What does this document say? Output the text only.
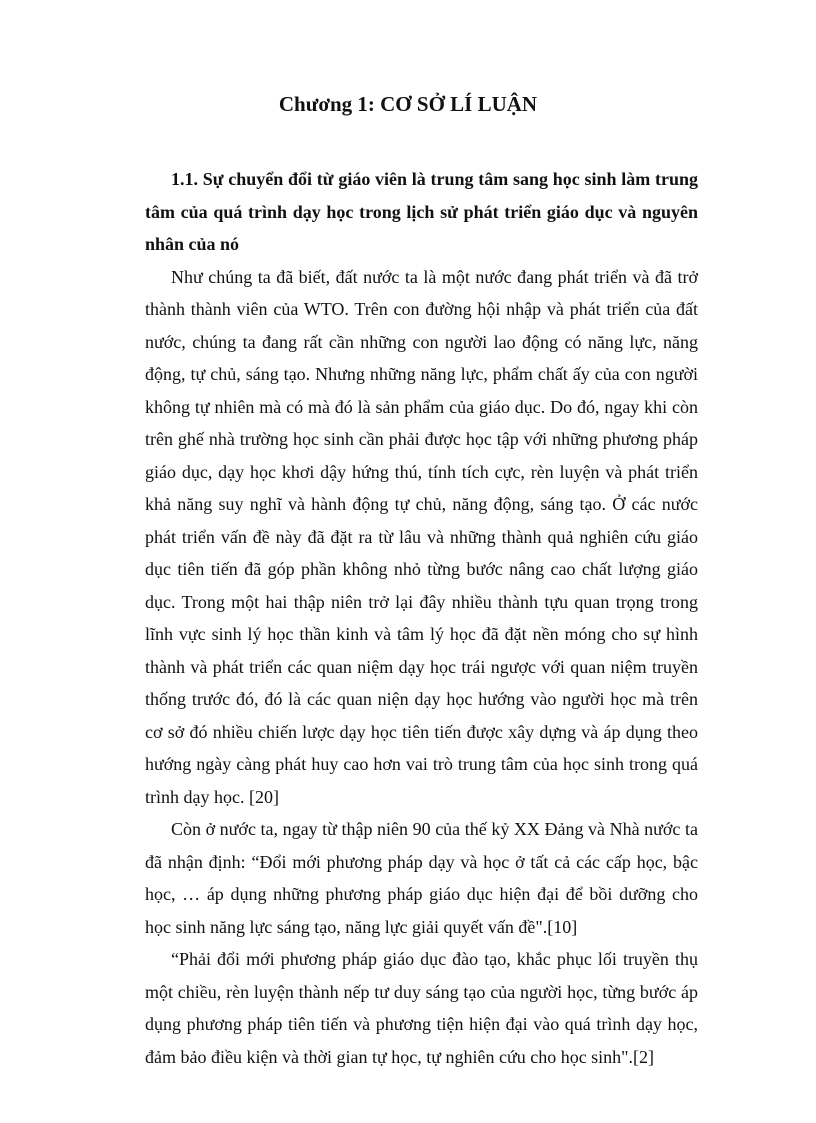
Chương 1: CƠ SỞ LÍ LUẬN

1.1. Sự chuyển đổi từ giáo viên là trung tâm sang học sinh làm trung tâm của quá trình dạy học trong lịch sử phát triển giáo dục và nguyên nhân của nó

Như chúng ta đã biết, đất nước ta là một nước đang phát triển và đã trở thành thành viên của WTO. Trên con đường hội nhập và phát triển của đất nước, chúng ta đang rất cần những con người lao động có năng lực, năng động, tự chủ, sáng tạo. Nhưng những năng lực, phẩm chất ấy của con người không tự nhiên mà có mà đó là sản phẩm của giáo dục. Do đó, ngay khi còn trên ghế nhà trường học sinh cần phải được học tập với những phương pháp giáo dục, dạy học khơi dậy hứng thú, tính tích cực, rèn luyện và phát triển khả năng suy nghĩ và hành động tự chủ, năng động, sáng tạo. Ở các nước phát triển vấn đề này đã đặt ra từ lâu và những thành quả nghiên cứu giáo dục tiên tiến đã góp phần không nhỏ từng bước nâng cao chất lượng giáo dục. Trong một hai thập niên trở lại đây nhiều thành tựu quan trọng trong lĩnh vực sinh lý học thần kinh và tâm lý học đã đặt nền móng cho sự hình thành và phát triển các quan niệm dạy học trái ngược với quan niệm truyền thống trước đó, đó là các quan niện dạy học hướng vào người học mà trên cơ sở đó nhiều chiến lược dạy học tiên tiến được xây dựng và áp dụng theo hướng ngày càng phát huy cao hơn vai trò trung tâm của học sinh trong quá trình dạy học. [20]

Còn ở nước ta, ngay từ thập niên 90 của thế kỷ XX Đảng và Nhà nước ta đã nhận định: “Đổi mới phương pháp dạy và học ở tất cả các cấp học, bậc học, … áp dụng những phương pháp giáo dục hiện đại để bồi dưỡng cho học sinh năng lực sáng tạo, năng lực giải quyết vấn đề".[10]

“Phải đổi mới phương pháp giáo dục đào tạo, khắc phục lối truyền thụ một chiều, rèn luyện thành nếp tư duy sáng tạo của người học, từng bước áp dụng phương pháp tiên tiến và phương tiện hiện đại vào quá trình dạy học, đảm bảo điều kiện và thời gian tự học, tự nghiên cứu cho học sinh".[2]
